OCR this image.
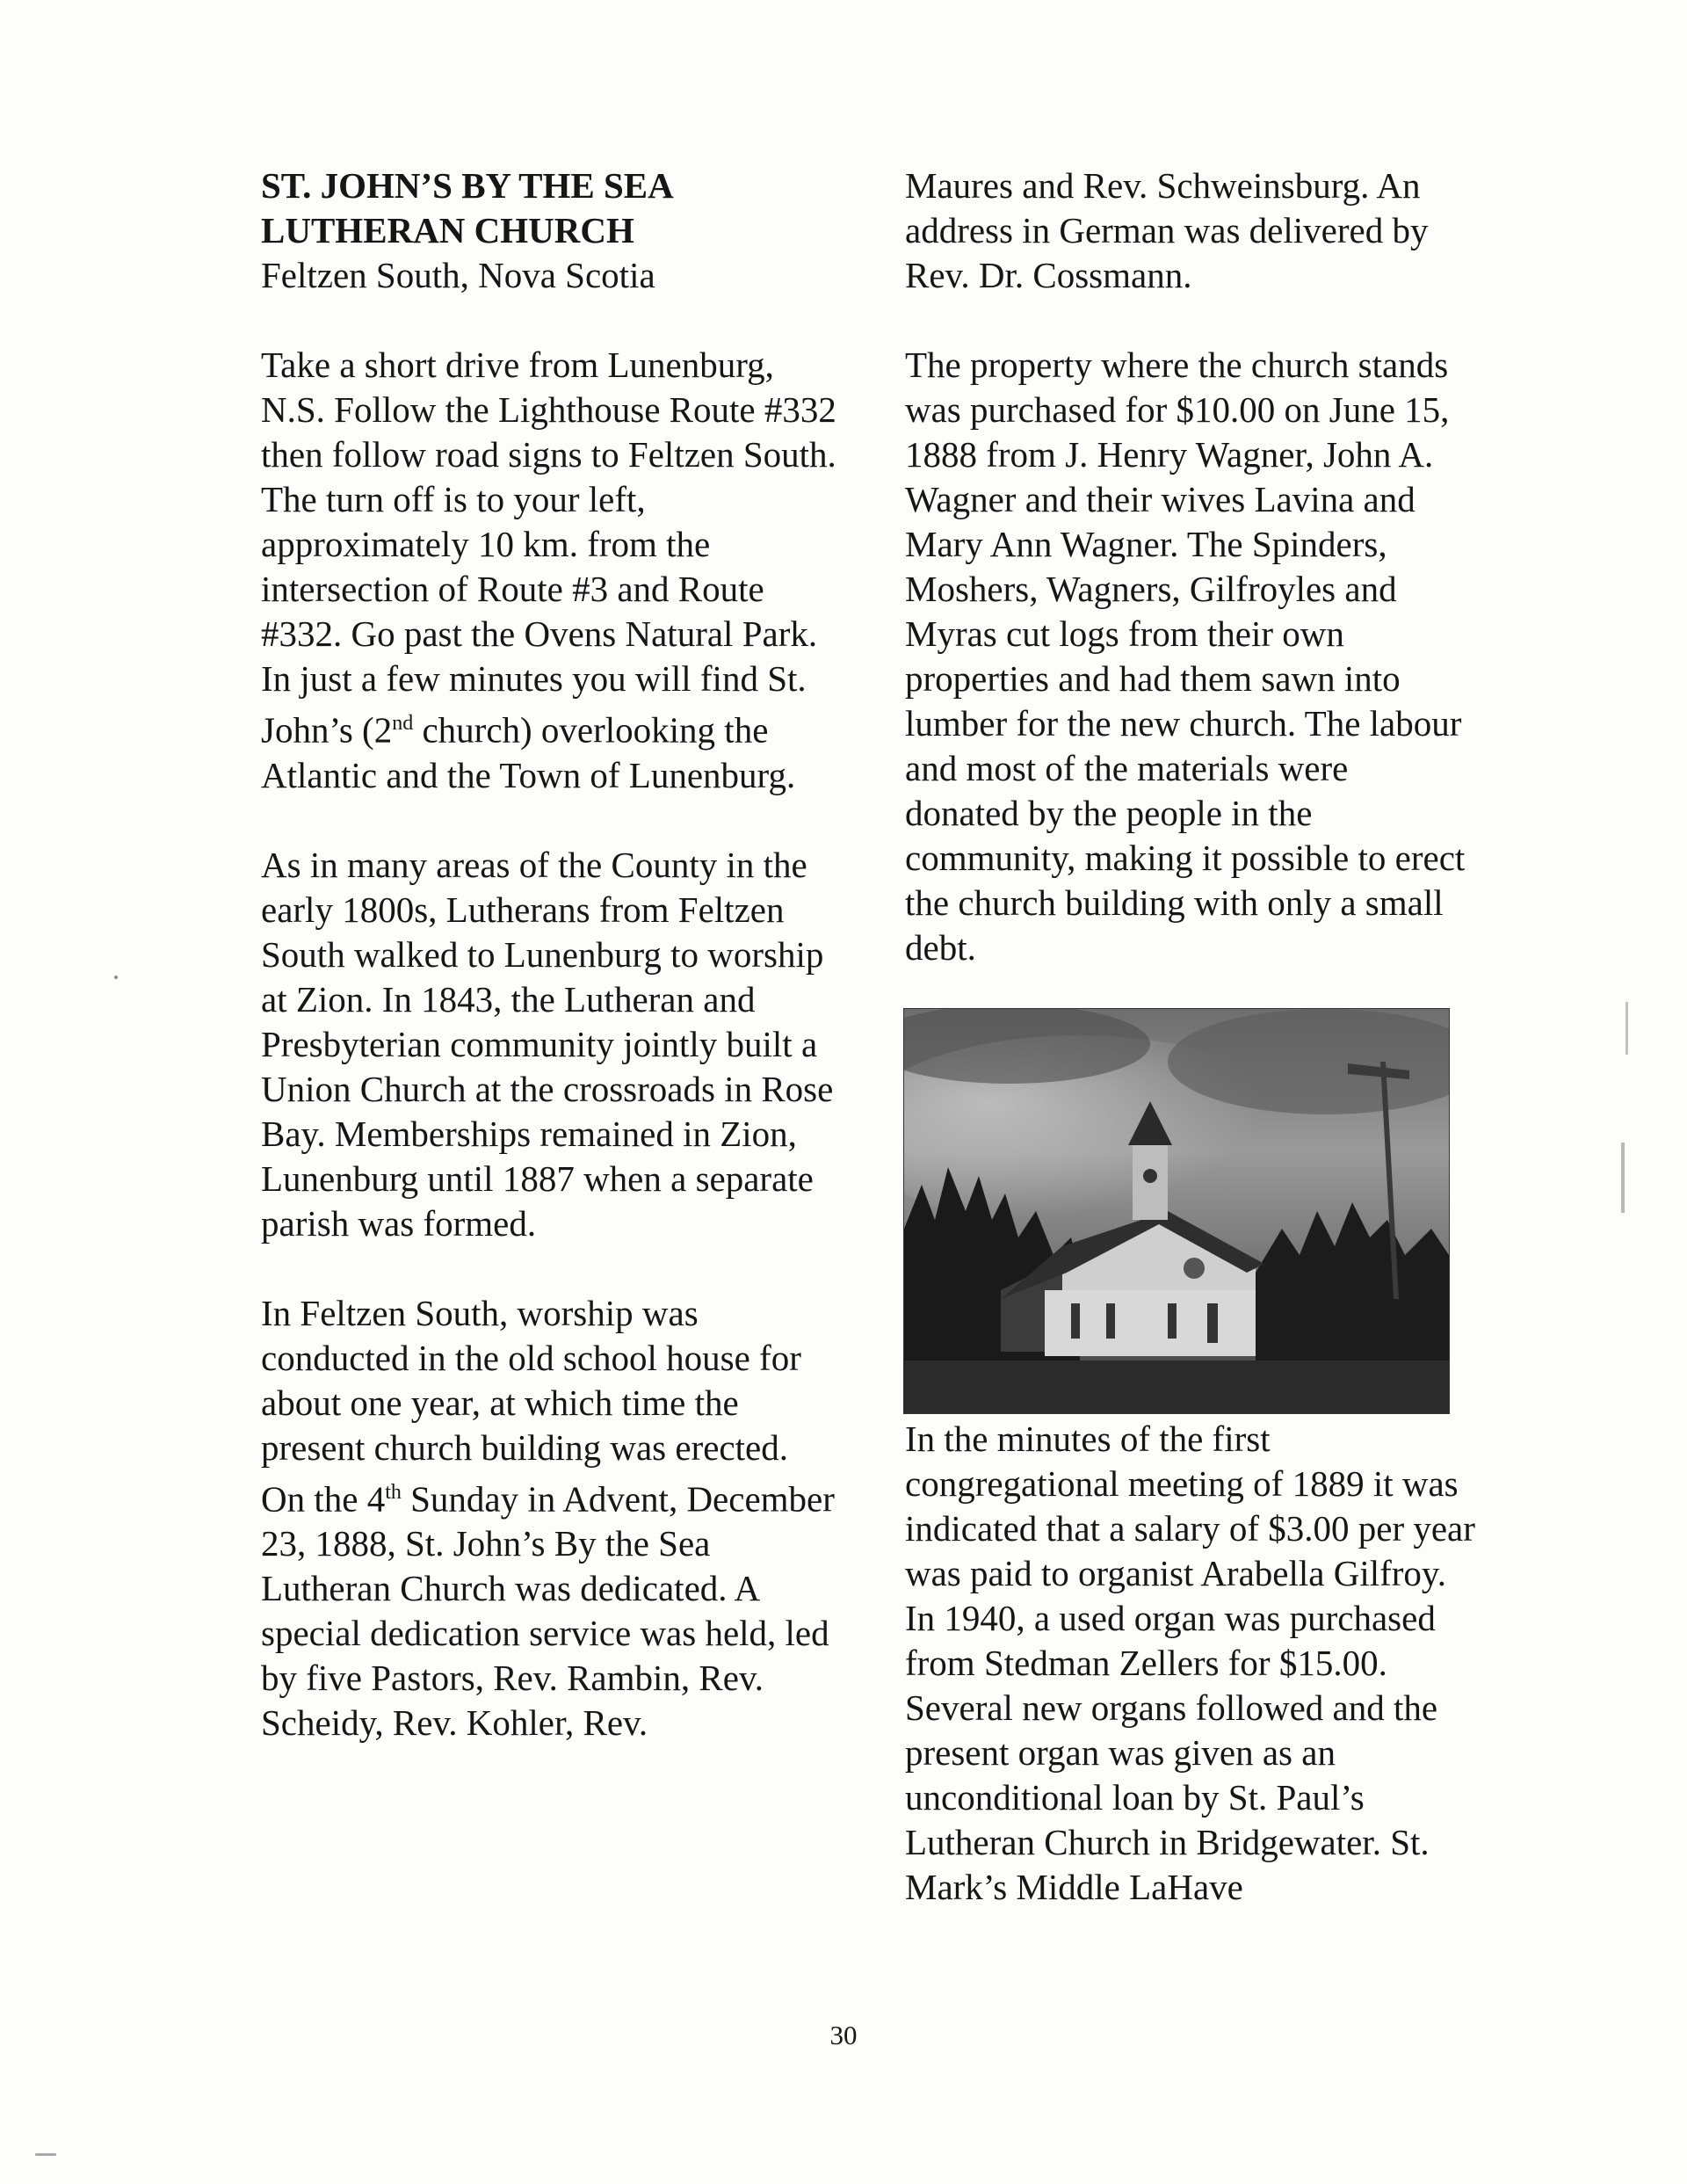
ST. JOHN’S BY THE SEA

LUTHERAN CHURCH

Feltzen South, Nova Scotia

Take a short drive from Lunenburg, N.S. Follow the Lighthouse Route #332 then follow road signs to Feltzen South. The turn off is to your left, approximately 10 km. from the intersection of Route #3 and Route #332. Go past the Ovens Natural Park. In just a few minutes you will find St. John’s (2nd church) overlooking the Atlantic and the Town of Lunenburg.

As in many areas of the County in the early 1800s, Lutherans from Feltzen South walked to Lunenburg to worship at Zion. In 1843, the Lutheran and Presbyterian community jointly built a Union Church at the crossroads in Rose Bay. Memberships remained in Zion, Lunenburg until 1887 when a separate parish was formed.

In Feltzen South, worship was conducted in the old school house for about one year, at which time the present church building was erected. On the 4th Sunday in Advent, December 23, 1888, St. John’s By the Sea Lutheran Church was dedicated. A special dedication service was held, led by five Pastors, Rev. Rambin, Rev. Scheidy, Rev. Kohler, Rev.

Maures and Rev. Schweinsburg. An address in German was delivered by Rev. Dr. Cossmann.

The property where the church stands was purchased for $10.00 on June 15, 1888 from J. Henry Wagner, John A. Wagner and their wives Lavina and Mary Ann Wagner. The Spinders, Moshers, Wagners, Gilfroyles and Myras cut logs from their own properties and had them sawn into lumber for the new church. The labour and most of the materials were donated by the people in the community, making it possible to erect the church building with only a small debt.

In the minutes of the first congregational meeting of 1889 it was indicated that a salary of $3.00 per year was paid to organist Arabella Gilfroy. In 1940, a used organ was purchased from Stedman Zellers for $15.00. Several new organs followed and the present organ was given as an unconditional loan by St. Paul’s Lutheran Church in Bridgewater. St. Mark’s Middle LaHave

30
